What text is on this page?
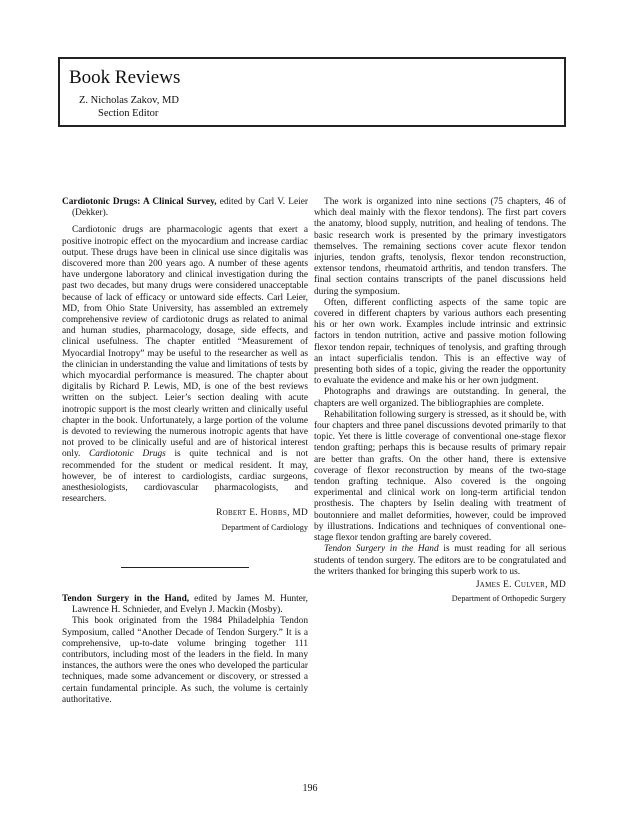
Book Reviews
Z. Nicholas Zakov, MD
Section Editor

Cardiotonic Drugs: A Clinical Survey, edited by Carl V. Leier (Dekker).

Cardiotonic drugs are pharmacologic agents that exert a positive inotropic effect on the myocardium and increase cardiac output. These drugs have been in clinical use since digitalis was discovered more than 200 years ago. A number of these agents have undergone laboratory and clinical investigation during the past two decades, but many drugs were considered unacceptable because of lack of efficacy or untoward side effects. Carl Leier, MD, from Ohio State University, has assembled an extremely comprehensive review of cardiotonic drugs as related to animal and human studies, pharmacology, dosage, side effects, and clinical usefulness. The chapter entitled “Measurement of Myocardial Inotropy” may be useful to the researcher as well as the clinician in understanding the value and limitations of tests by which myocardial performance is measured. The chapter about digitalis by Richard P. Lewis, MD, is one of the best reviews written on the subject. Leier’s section dealing with acute inotropic support is the most clearly written and clinically useful chapter in the book. Unfortunately, a large portion of the volume is devoted to reviewing the numerous inotropic agents that have not proved to be clinically useful and are of historical interest only. Cardiotonic Drugs is quite technical and is not recommended for the student or medical resident. It may, however, be of interest to cardiologists, cardiac surgeons, anesthesiologists, cardiovascular pharmacologists, and researchers.

Robert E. Hobbs, MD
Department of Cardiology

Tendon Surgery in the Hand, edited by James M. Hunter, Lawrence H. Schnieder, and Evelyn J. Mackin (Mosby).

This book originated from the 1984 Philadelphia Tendon Symposium, called “Another Decade of Tendon Surgery.” It is a comprehensive, up-to-date volume bringing together 111 contributors, including most of the leaders in the field. In many instances, the authors were the ones who developed the particular techniques, made some advancement or discovery, or stressed a certain fundamental principle. As such, the volume is certainly authoritative.

The work is organized into nine sections (75 chapters, 46 of which deal mainly with the flexor tendons). The first part covers the anatomy, blood supply, nutrition, and healing of tendons. The basic research work is presented by the primary investigators themselves. The remaining sections cover acute flexor tendon injuries, tendon grafts, tenolysis, flexor tendon reconstruction, extensor tendons, rheumatoid arthritis, and tendon transfers. The final section contains transcripts of the panel discussions held during the symposium.

Often, different conflicting aspects of the same topic are covered in different chapters by various authors each presenting his or her own work. Examples include intrinsic and extrinsic factors in tendon nutrition, active and passive motion following flexor tendon repair, techniques of tenolysis, and grafting through an intact superficialis tendon. This is an effective way of presenting both sides of a topic, giving the reader the opportunity to evaluate the evidence and make his or her own judgment.

Photographs and drawings are outstanding. In general, the chapters are well organized. The bibliographies are complete.

Rehabilitation following surgery is stressed, as it should be, with four chapters and three panel discussions devoted primarily to that topic. Yet there is little coverage of conventional one-stage flexor tendon grafting; perhaps this is because results of primary repair are better than grafts. On the other hand, there is extensive coverage of flexor reconstruction by means of the two-stage tendon grafting technique. Also covered is the ongoing experimental and clinical work on long-term artificial tendon prosthesis. The chapters by Iselin dealing with treatment of boutonniere and mallet deformities, however, could be improved by illustrations. Indications and techniques of conventional one-stage flexor tendon grafting are barely covered.

Tendon Surgery in the Hand is must reading for all serious students of tendon surgery. The editors are to be congratulated and the writers thanked for bringing this superb work to us.

James E. Culver, MD
Department of Orthopedic Surgery
196
